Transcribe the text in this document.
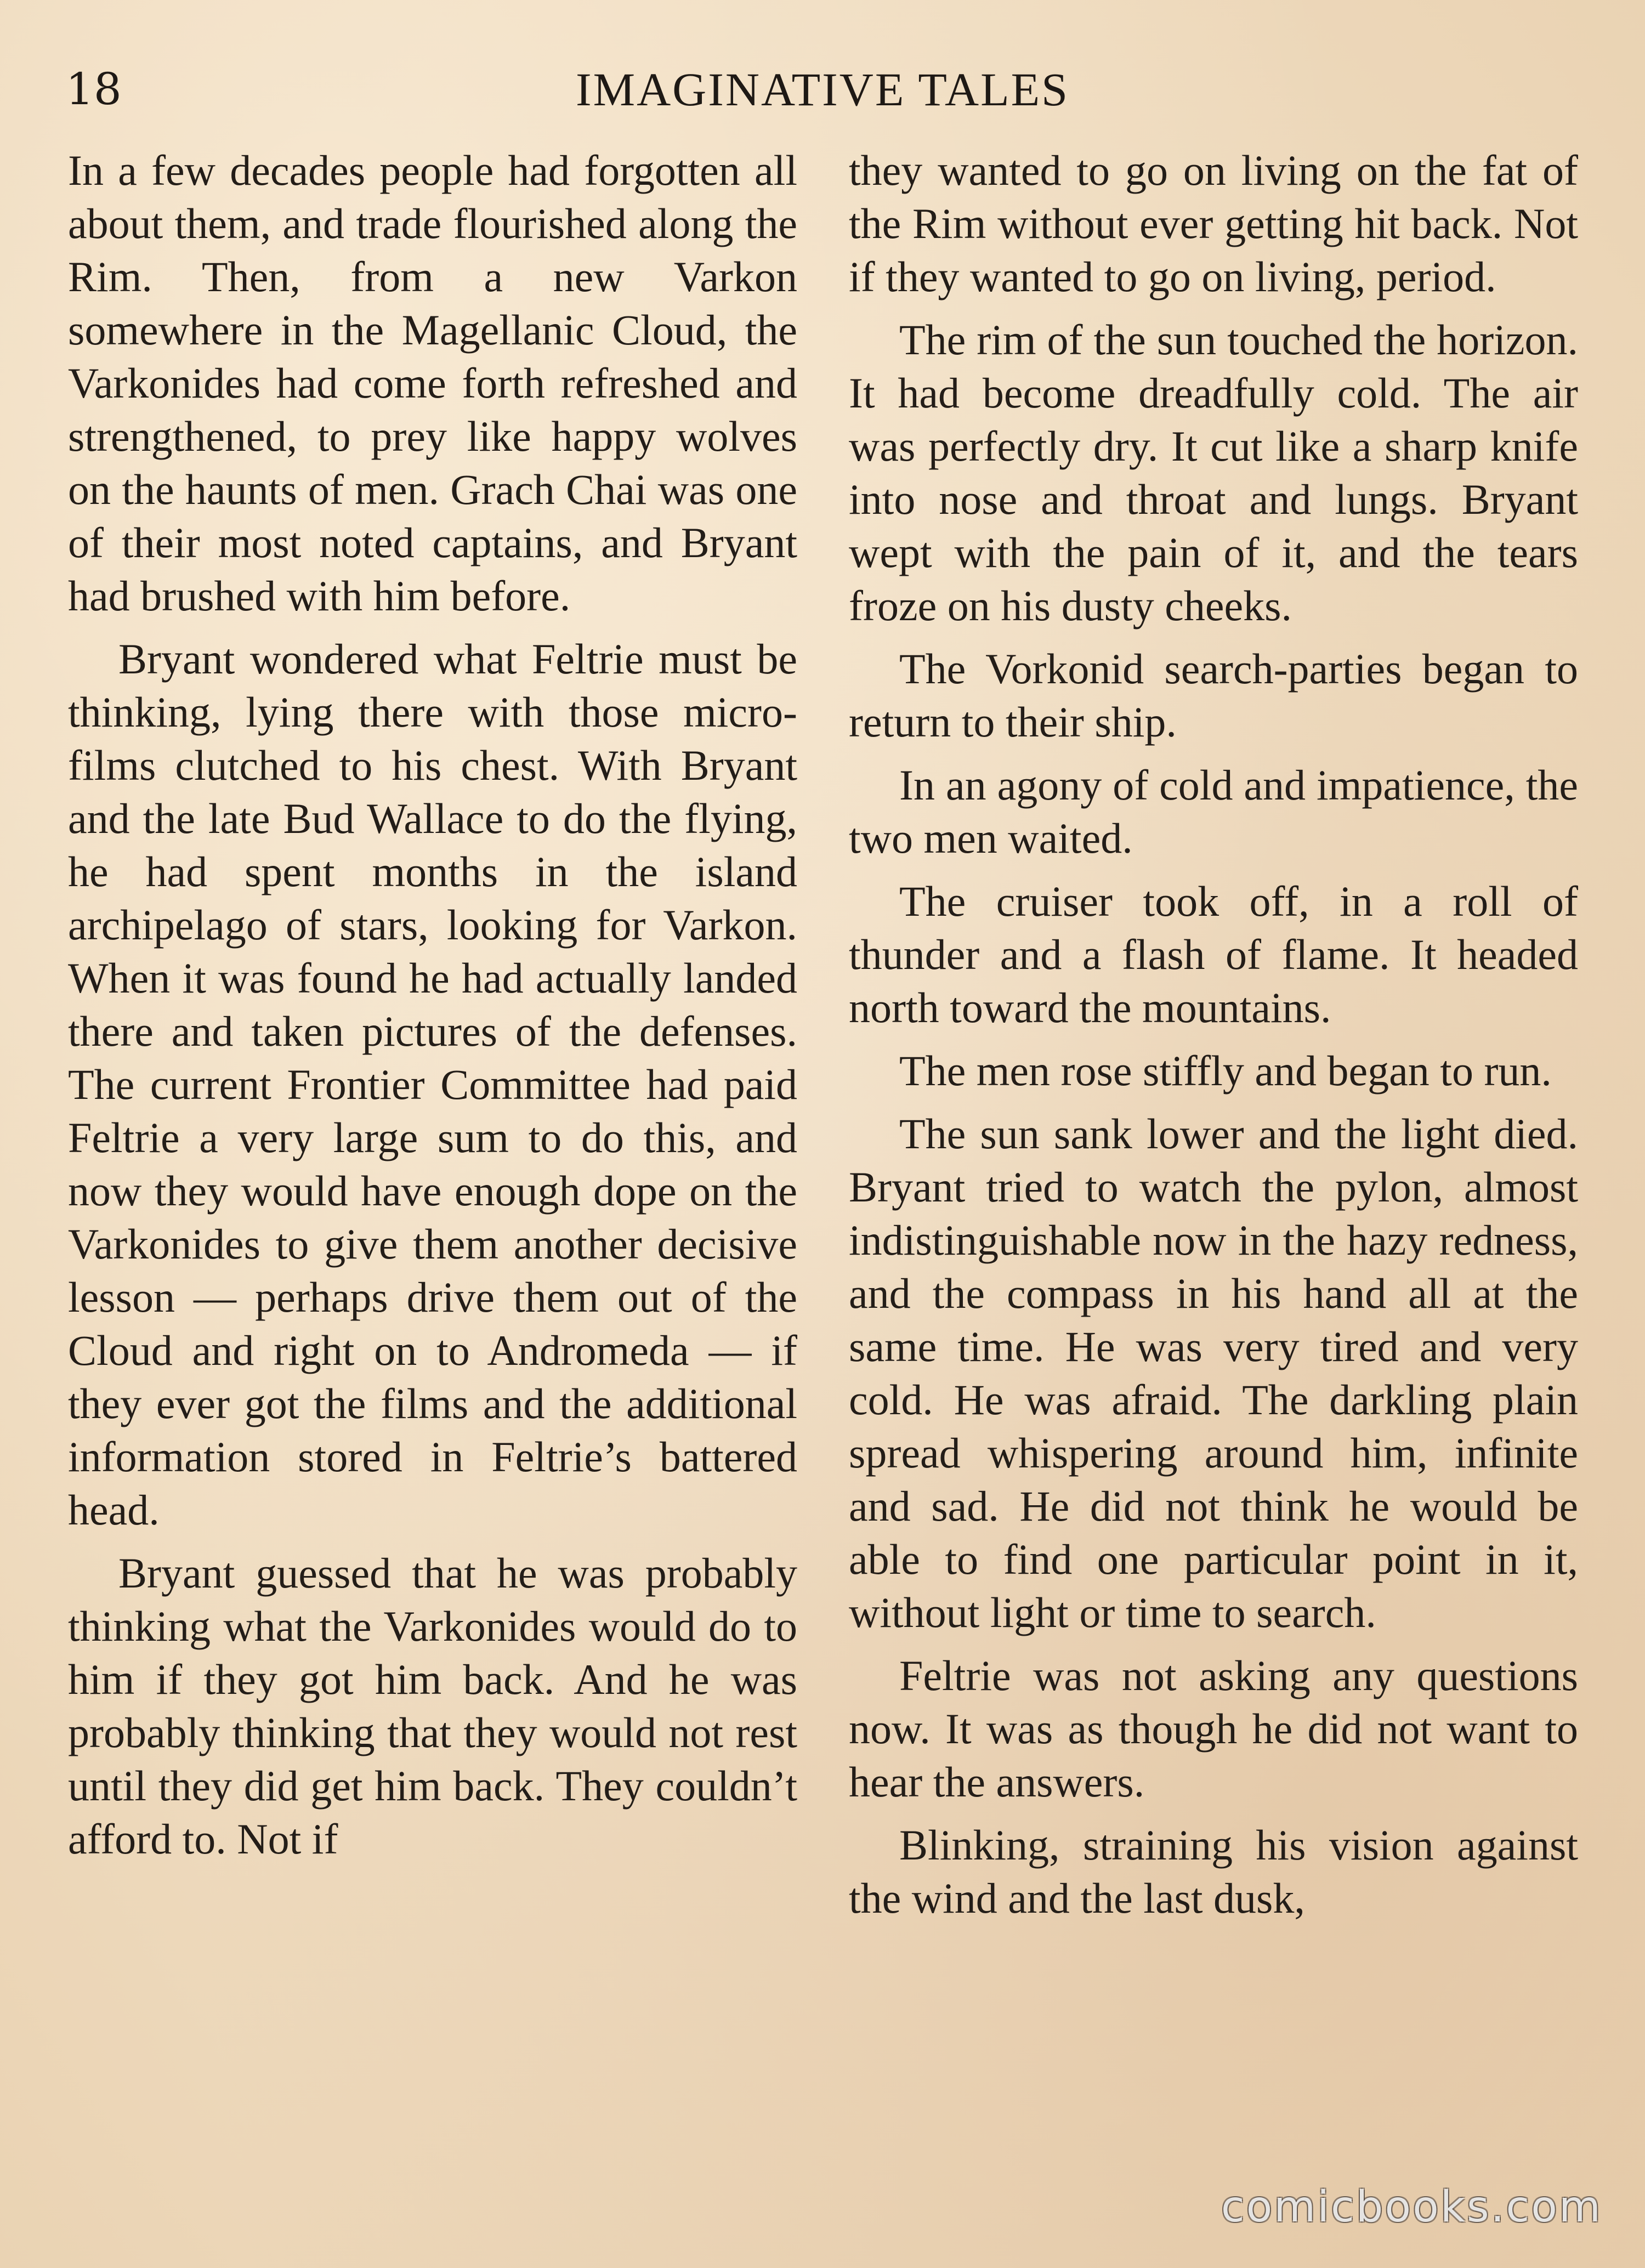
18	IMAGINATIVE TALES

In a few decades people had forgotten all about them, and trade flourished along the Rim. Then, from a new Varkon somewhere in the Magellanic Cloud, the Varkonides had come forth refreshed and strengthened, to prey like happy wolves on the haunts of men. Grach Chai was one of their most noted captains, and Bryant had brushed with him before.

Bryant wondered what Feltrie must be thinking, lying there with those micro-films clutched to his chest. With Bryant and the late Bud Wallace to do the flying, he had spent months in the island archipelago of stars, looking for Varkon. When it was found he had actually landed there and taken pictures of the defenses. The current Frontier Committee had paid Feltrie a very large sum to do this, and now they would have enough dope on the Varkonides to give them another decisive lesson — perhaps drive them out of the Cloud and right on to Andromeda — if they ever got the films and the additional information stored in Feltrie’s battered head.

Bryant guessed that he was probably thinking what the Varkonides would do to him if they got him back. And he was probably thinking that they would not rest until they did get him back. They couldn’t afford to. Not if

they wanted to go on living on the fat of the Rim without ever getting hit back. Not if they wanted to go on living, period.

The rim of the sun touched the horizon. It had become dreadfully cold. The air was perfectly dry. It cut like a sharp knife into nose and throat and lungs. Bryant wept with the pain of it, and the tears froze on his dusty cheeks.

The Vorkonid search-parties began to return to their ship.

In an agony of cold and impatience, the two men waited.

The cruiser took off, in a roll of thunder and a flash of flame. It headed north toward the mountains.

The men rose stiffly and began to run.

The sun sank lower and the light died. Bryant tried to watch the pylon, almost indistinguishable now in the hazy redness, and the compass in his hand all at the same time. He was very tired and very cold. He was afraid. The darkling plain spread whispering around him, infinite and sad. He did not think he would be able to find one particular point in it, without light or time to search.

Feltrie was not asking any questions now. It was as though he did not want to hear the answers.

Blinking, straining his vision against the wind and the last dusk,

comicbooks.com
